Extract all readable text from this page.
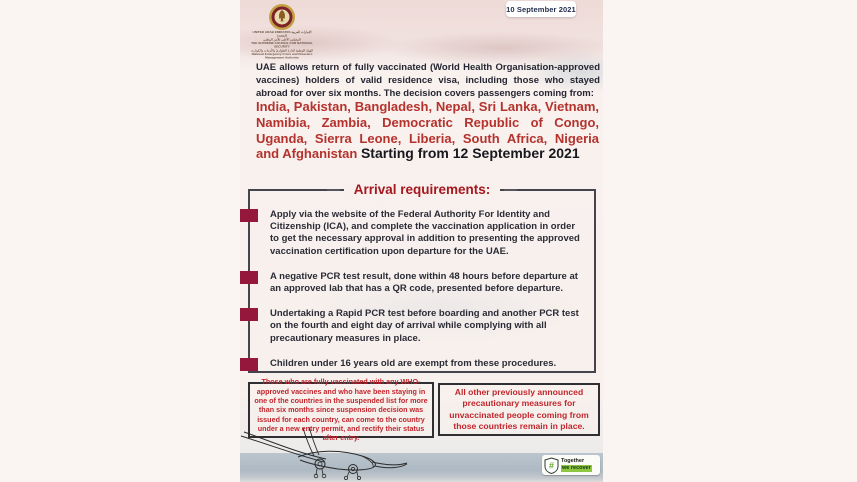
UNITED ARAB EMIRATES الإمارات العربية المتحدة
المجلس الأعلى للأمن الوطني
THE SUPREME COUNCIL FOR NATIONAL SECURITY
الهيئة الوطنية لإدارة الطوارئ والأزمات والكوارث
National Emergency Crisis and Disasters Management Authority
10 September 2021
UAE allows return of fully vaccinated (World Health Organisation-approved vaccines) holders of valid residence visa, including those who stayed abroad for over six months. The decision covers passengers coming from:
India, Pakistan, Bangladesh, Nepal, Sri Lanka, Vietnam, Namibia, Zambia, Democratic Republic of Congo, Uganda, Sierra Leone, Liberia, South Africa, Nigeria and Afghanistan Starting from 12 September 2021
Arrival requirements:
Apply via the website of the Federal Authority For Identity and Citizenship (ICA), and complete the vaccination application in order to get the necessary approval in addition to presenting the approved vaccination certification upon departure for the UAE.
A negative PCR test result, done within 48 hours before departure at an approved lab that has a QR code, presented before departure.
Undertaking a Rapid PCR test before boarding and another PCR test on the fourth and eight day of arrival while complying with all precautionary measures in place.
Children under 16 years old are exempt from these procedures.
Those who are fully vaccinated with any WHO-approved vaccines and who have been staying in one of the countries in the suspended list for more than six months since suspension decision was issued for each country, can come to the country under a new entry permit, and rectify their status after entry.
All other previously announced precautionary measures for unvaccinated people coming from those countries remain in place.
# Together
we recover
